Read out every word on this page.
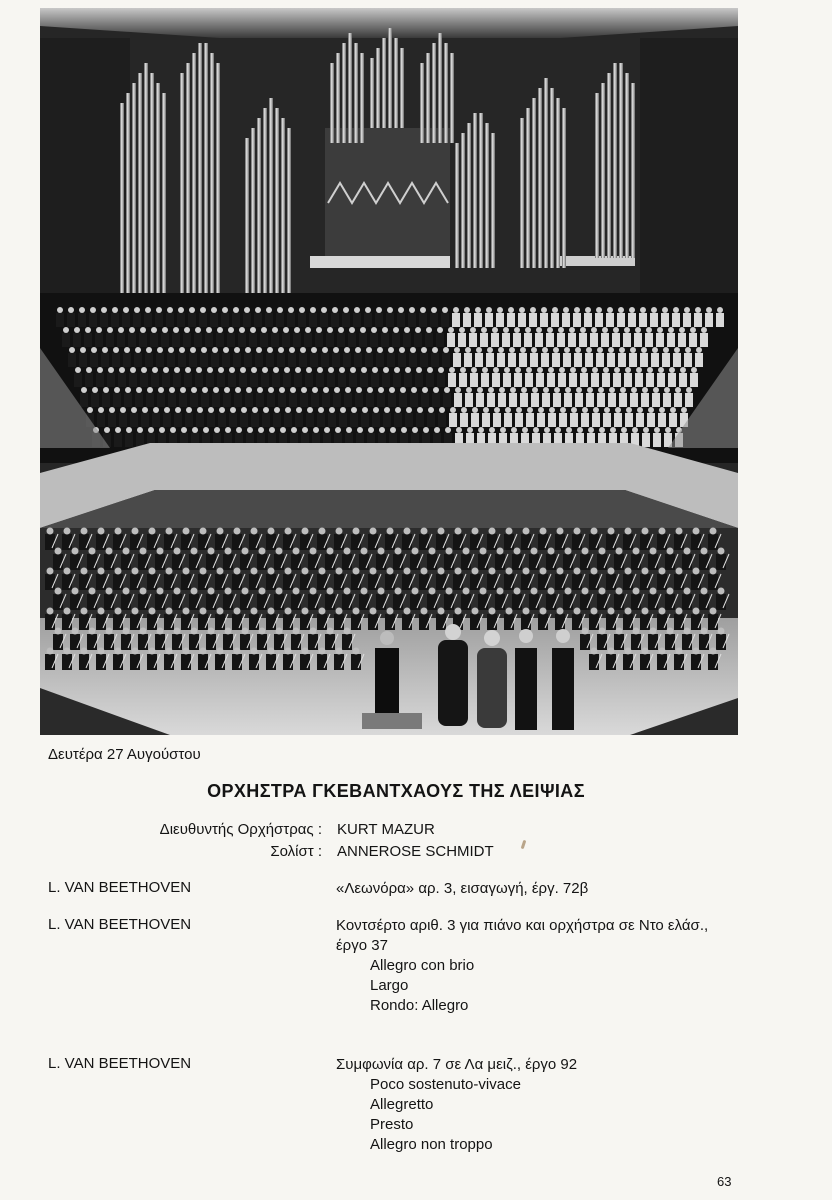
Δευτέρα 27 Αυγούστου
ΟΡΧΗΣΤΡΑ ΓΚΕΒΑΝΤΧΑΟΥΣ ΤΗΣ ΛΕΙΨΙΑΣ
Διευθυντής Ορχήστρας : KURT MAZUR
Σολίστ : ANNEROSE SCHMIDT
L. VAN BEETHOVEN	«Λεωνόρα» αρ. 3, εισαγωγή, έργ. 72β
L. VAN BEETHOVEN	Κοντσέρτο αριθ. 3 για πιάνο και ορχήστρα σε Ντο ελάσ., έργο 37
Allegro con brio
Largo
Rondo: Allegro
L. VAN BEETHOVEN	Συμφωνία αρ. 7 σε Λα μειζ., έργο 92
Poco sostenuto-vivace
Allegretto
Presto
Allegro non troppo
63
